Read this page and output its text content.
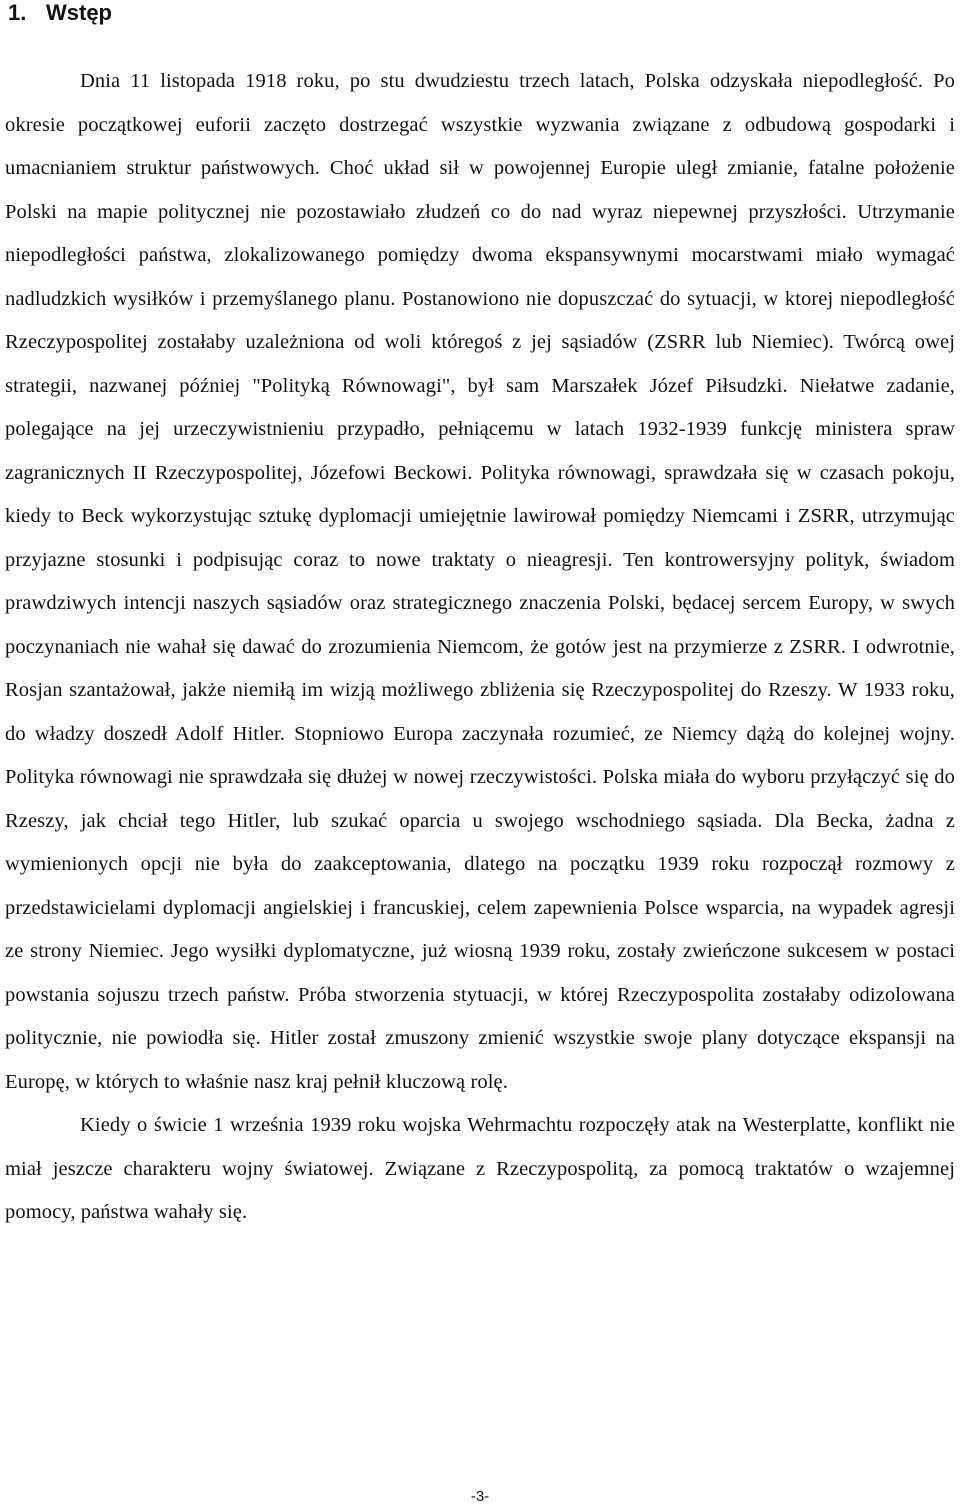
1. Wstęp

Dnia 11 listopada 1918 roku, po stu dwudziestu trzech latach, Polska odzyskała niepodległość. Po okresie początkowej euforii zaczęto dostrzegać wszystkie wyzwania związane z odbudową gospodarki i umacnianiem struktur państwowych. Choć układ sił w powojennej Europie uległ zmianie, fatalne położenie Polski na mapie politycznej nie pozostawiało złudzeń co do nad wyraz niepewnej przyszłości. Utrzymanie niepodległości państwa, zlokalizowanego pomiędzy dwoma ekspansywnymi mocarstwami miało wymagać nadludzkich wysiłków i przemyślanego planu. Postanowiono nie dopuszczać do sytuacji, w ktorej niepodległość Rzeczypospolitej zostałaby uzależniona od woli któregoś z jej sąsiadów (ZSRR lub Niemiec). Twórcą owej strategii, nazwanej później "Polityką Równowagi", był sam Marszałek Józef Piłsudzki. Niełatwe zadanie, polegające na jej urzeczywistnieniu przypadło, pełniącemu w latach 1932-1939 funkcję ministera spraw zagranicznych II Rzeczypospolitej, Józefowi Beckowi. Polityka równowagi, sprawdzała się w czasach pokoju, kiedy to Beck wykorzystując sztukę dyplomacji umiejętnie lawirował pomiędzy Niemcami i ZSRR, utrzymując przyjazne stosunki i podpisując coraz to nowe traktaty o nieagresji. Ten kontrowersyjny polityk, świadom prawdziwych intencji naszych sąsiadów oraz strategicznego znaczenia Polski, będacej sercem Europy, w swych poczynaniach nie wahał się dawać do zrozumienia Niemcom, że gotów jest na przymierze z ZSRR. I odwrotnie, Rosjan szantażował, jakże niemiłą im wizją możliwego zbliżenia się Rzeczypospolitej do Rzeszy. W 1933 roku, do władzy doszedł Adolf Hitler. Stopniowo Europa zaczynała rozumieć, ze Niemcy dążą do kolejnej wojny. Polityka równowagi nie sprawdzała się dłużej w nowej rzeczywistości. Polska miała do wyboru przyłączyć się do Rzeszy, jak chciał tego Hitler, lub szukać oparcia u swojego wschodniego sąsiada. Dla Becka, żadna z wymienionych opcji nie była do zaakceptowania, dlatego na początku 1939 roku rozpoczął rozmowy z przedstawicielami dyplomacji angielskiej i francuskiej, celem zapewnienia Polsce wsparcia, na wypadek agresji ze strony Niemiec. Jego wysiłki dyplomatyczne, już wiosną 1939 roku, zostały zwieńczone sukcesem w postaci powstania sojuszu trzech państw. Próba stworzenia stytuacji, w której Rzeczypospolita zostałaby odizolowana politycznie, nie powiodła się. Hitler został zmuszony zmienić wszystkie swoje plany dotyczące ekspansji na Europę, w których to właśnie nasz kraj pełnił kluczową rolę.

Kiedy o świcie 1 września 1939 roku wojska Wehrmachtu rozpoczęły atak na Westerplatte, konflikt nie miał jeszcze charakteru wojny światowej. Związane z Rzeczypospolitą, za pomocą traktatów o wzajemnej pomocy, państwa wahały się.

-3-
